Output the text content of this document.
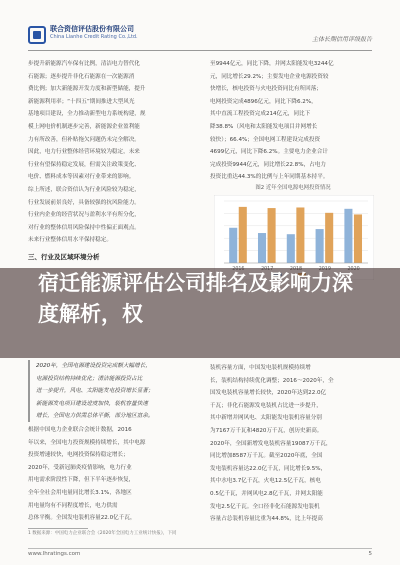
联合资信评估股份有限公司
China Lianhe Credit Rating Co.,Ltd.	主体长期信用评级报告
步提升新能源汽车保有比例，清洁电力替代化
石能源；逐步提升非化石能源在一次能源消
费比例；加大新能源开发力度和新型储能，提升
新能源利用率；“十四五”期间推进大型风光
基地项目建设，全力推动新型电力系统构建，规
模上网电价机制逐步完善，新能源企业盈利能
力有所改善，但补贴拖欠问题仍未完全解决。
因此，电力行业整体经营环境较为稳定，未来
行业有望保持稳定发展，但需关注政策变化、
电价、燃料成本等因素对行业带来的影响。
综上所述，联合资信认为行业风险较为稳定，
行业发展前景良好，具备较强的抗风险能力。
行业内企业的经营状况与盈利水平有所分化，
对行业的整体信用风险保持中性偏正面观点。
未来行业整体信用水平保持稳定。
三、行业及区域环境分析
至9944亿元，同比下降，并网太阳能发电3244亿
元，同比增长29.2%；主要发电企业电源投资较
快增长，核电投资与火电投资同比有所回落；
电网投资完成4896亿元，同比下降6.2%，
其中直流工程投资完成214亿元，同比下
降38.8%（风电和太阳能发电项目并网增长
较快）；66.4%；全国电网工程建设完成投资
4699亿元，同比下降6.2%。主要电力企业合计
完成投资9944亿元，同比增长22.8%，占电力
投资比重达44.3%的比例与上年同期基本持平。
图2 近年全国电源电网投资情况
宿迁能源评估公司排名及影响力深度解析，权
2020年，全国电源建设投资完成额大幅增长，
电源投资结构持续优化；清洁能源投资占比
进一步提升，风电、太阳能发电投资增长显著；
新能源发电项目建设进度加快，装机容量快速
增长，全国电力供需总体平衡，部分地区富余。
根据中国电力企业联合会统计数据，2016
年以来，全国电力投资规模持续增长，其中电源
投资增速较快，电网投资保持稳定增长；
2020年，受新冠肺炎疫情影响，电力行业
用电需求阶段性下降，但下半年逐步恢复，
全年全社会用电量同比增长3.1%，各地区
用电量均有不同程度增长，电力供需
总体平衡。全国发电装机容量22.0亿千瓦，
装机容量方面，中国发电装机规模持续增
长，装机结构持续优化调整；2016～2020年，全
国发电装机容量增长较快，2020年达到22.0亿
千瓦；非化石能源发电装机占比进一步提升，
其中新增并网风电、太阳能发电装机容量分别
为7167万千瓦和4820万千瓦，创历史新高。
2020年，全国新增发电装机容量19087万千瓦，
同比增加8587万千瓦。截至2020年底，全国
发电装机容量达22.0亿千瓦，同比增长9.5%，
其中水电3.7亿千瓦，火电12.5亿千瓦，核电
0.5亿千瓦，并网风电2.8亿千瓦，并网太阳能
发电2.5亿千瓦。全口径非化石能源发电装机
容量占总装机容量比重为44.8%，比上年提高
1 数据来源：中国电力企业联合会《2020年全国电力工业统计快报》，下同
www.lhratings.com	5
